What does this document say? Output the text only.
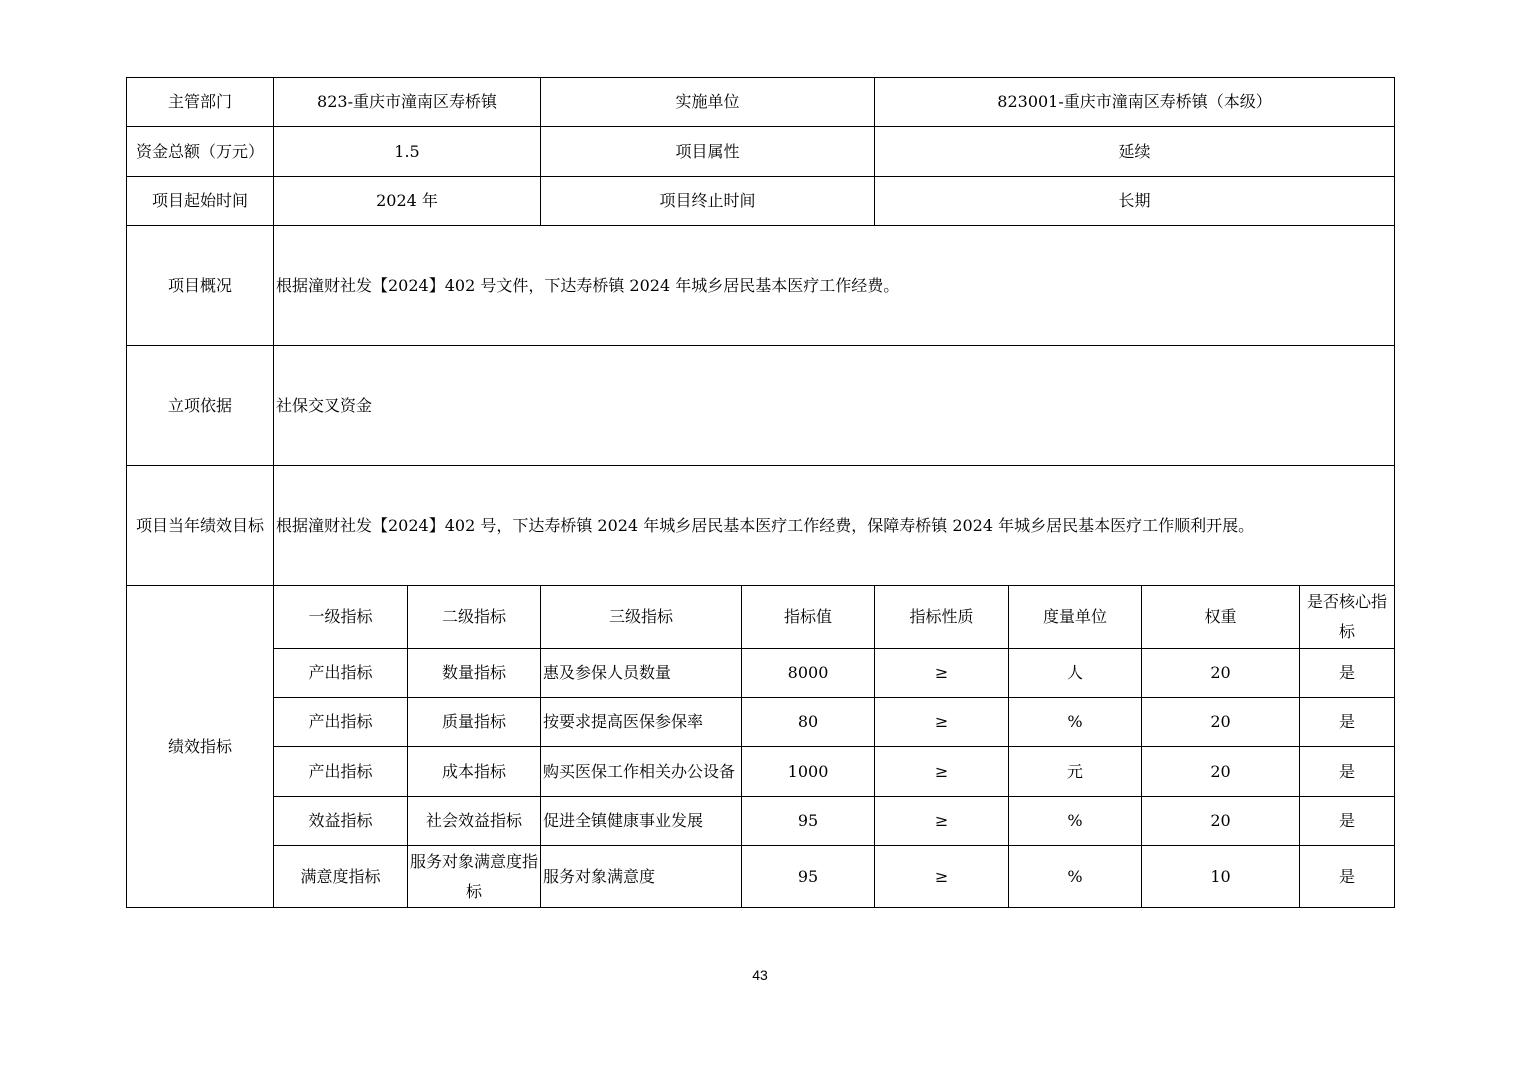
主管部门	823-重庆市潼南区寿桥镇		实施单位		823001-重庆市潼南区寿桥镇（本级）			
资金总额（万元）	1.5		项目属性		延续			
项目起始时间	2024 年		项目终止时间		长期			
项目概况	根据潼财社发【2024】402 号文件，下达寿桥镇 2024 年城乡居民基本医疗工作经费。							
立项依据	社保交叉资金							
项目当年绩效目标	根据潼财社发【2024】402 号，下达寿桥镇 2024 年城乡居民基本医疗工作经费，保障寿桥镇 2024 年城乡居民基本医疗工作顺利开展。							
绩效指标	一级指标	二级指标	三级指标	指标值	指标性质	度量单位	权重	是否核心指标
	产出指标	数量指标	惠及参保人员数量	8000	≥	人	20	是
	产出指标	质量指标	按要求提高医保参保率	80	≥	%	20	是
	产出指标	成本指标	购买医保工作相关办公设备	1000	≥	元	20	是
	效益指标	社会效益指标	促进全镇健康事业发展	95	≥	%	20	是
	满意度指标	服务对象满意度指标	服务对象满意度	95	≥	%	10	是
43
